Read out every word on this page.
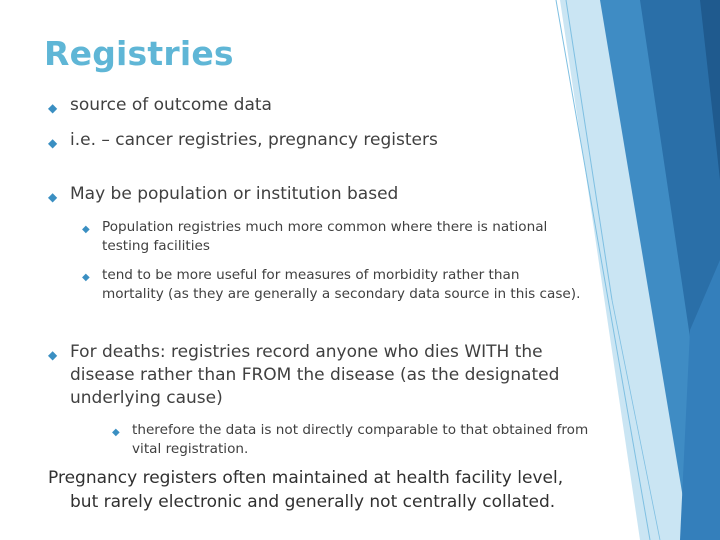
Registries
◆ source of outcome data
◆ i.e. – cancer registries, pregnancy registers
◆ May be population or institution based
◆ Population registries much more common where there is national
testing facilities
◆ tend to be more useful for measures of morbidity rather than
mortality (as they are generally a secondary data source in this case).
◆ For deaths: registries record anyone who dies WITH the
disease rather than FROM the disease (as the designated
underlying cause)
◆ therefore the data is not directly comparable to that obtained from
vital registration.
Pregnancy registers often maintained at health facility level,
but rarely electronic and generally not centrally collated.
